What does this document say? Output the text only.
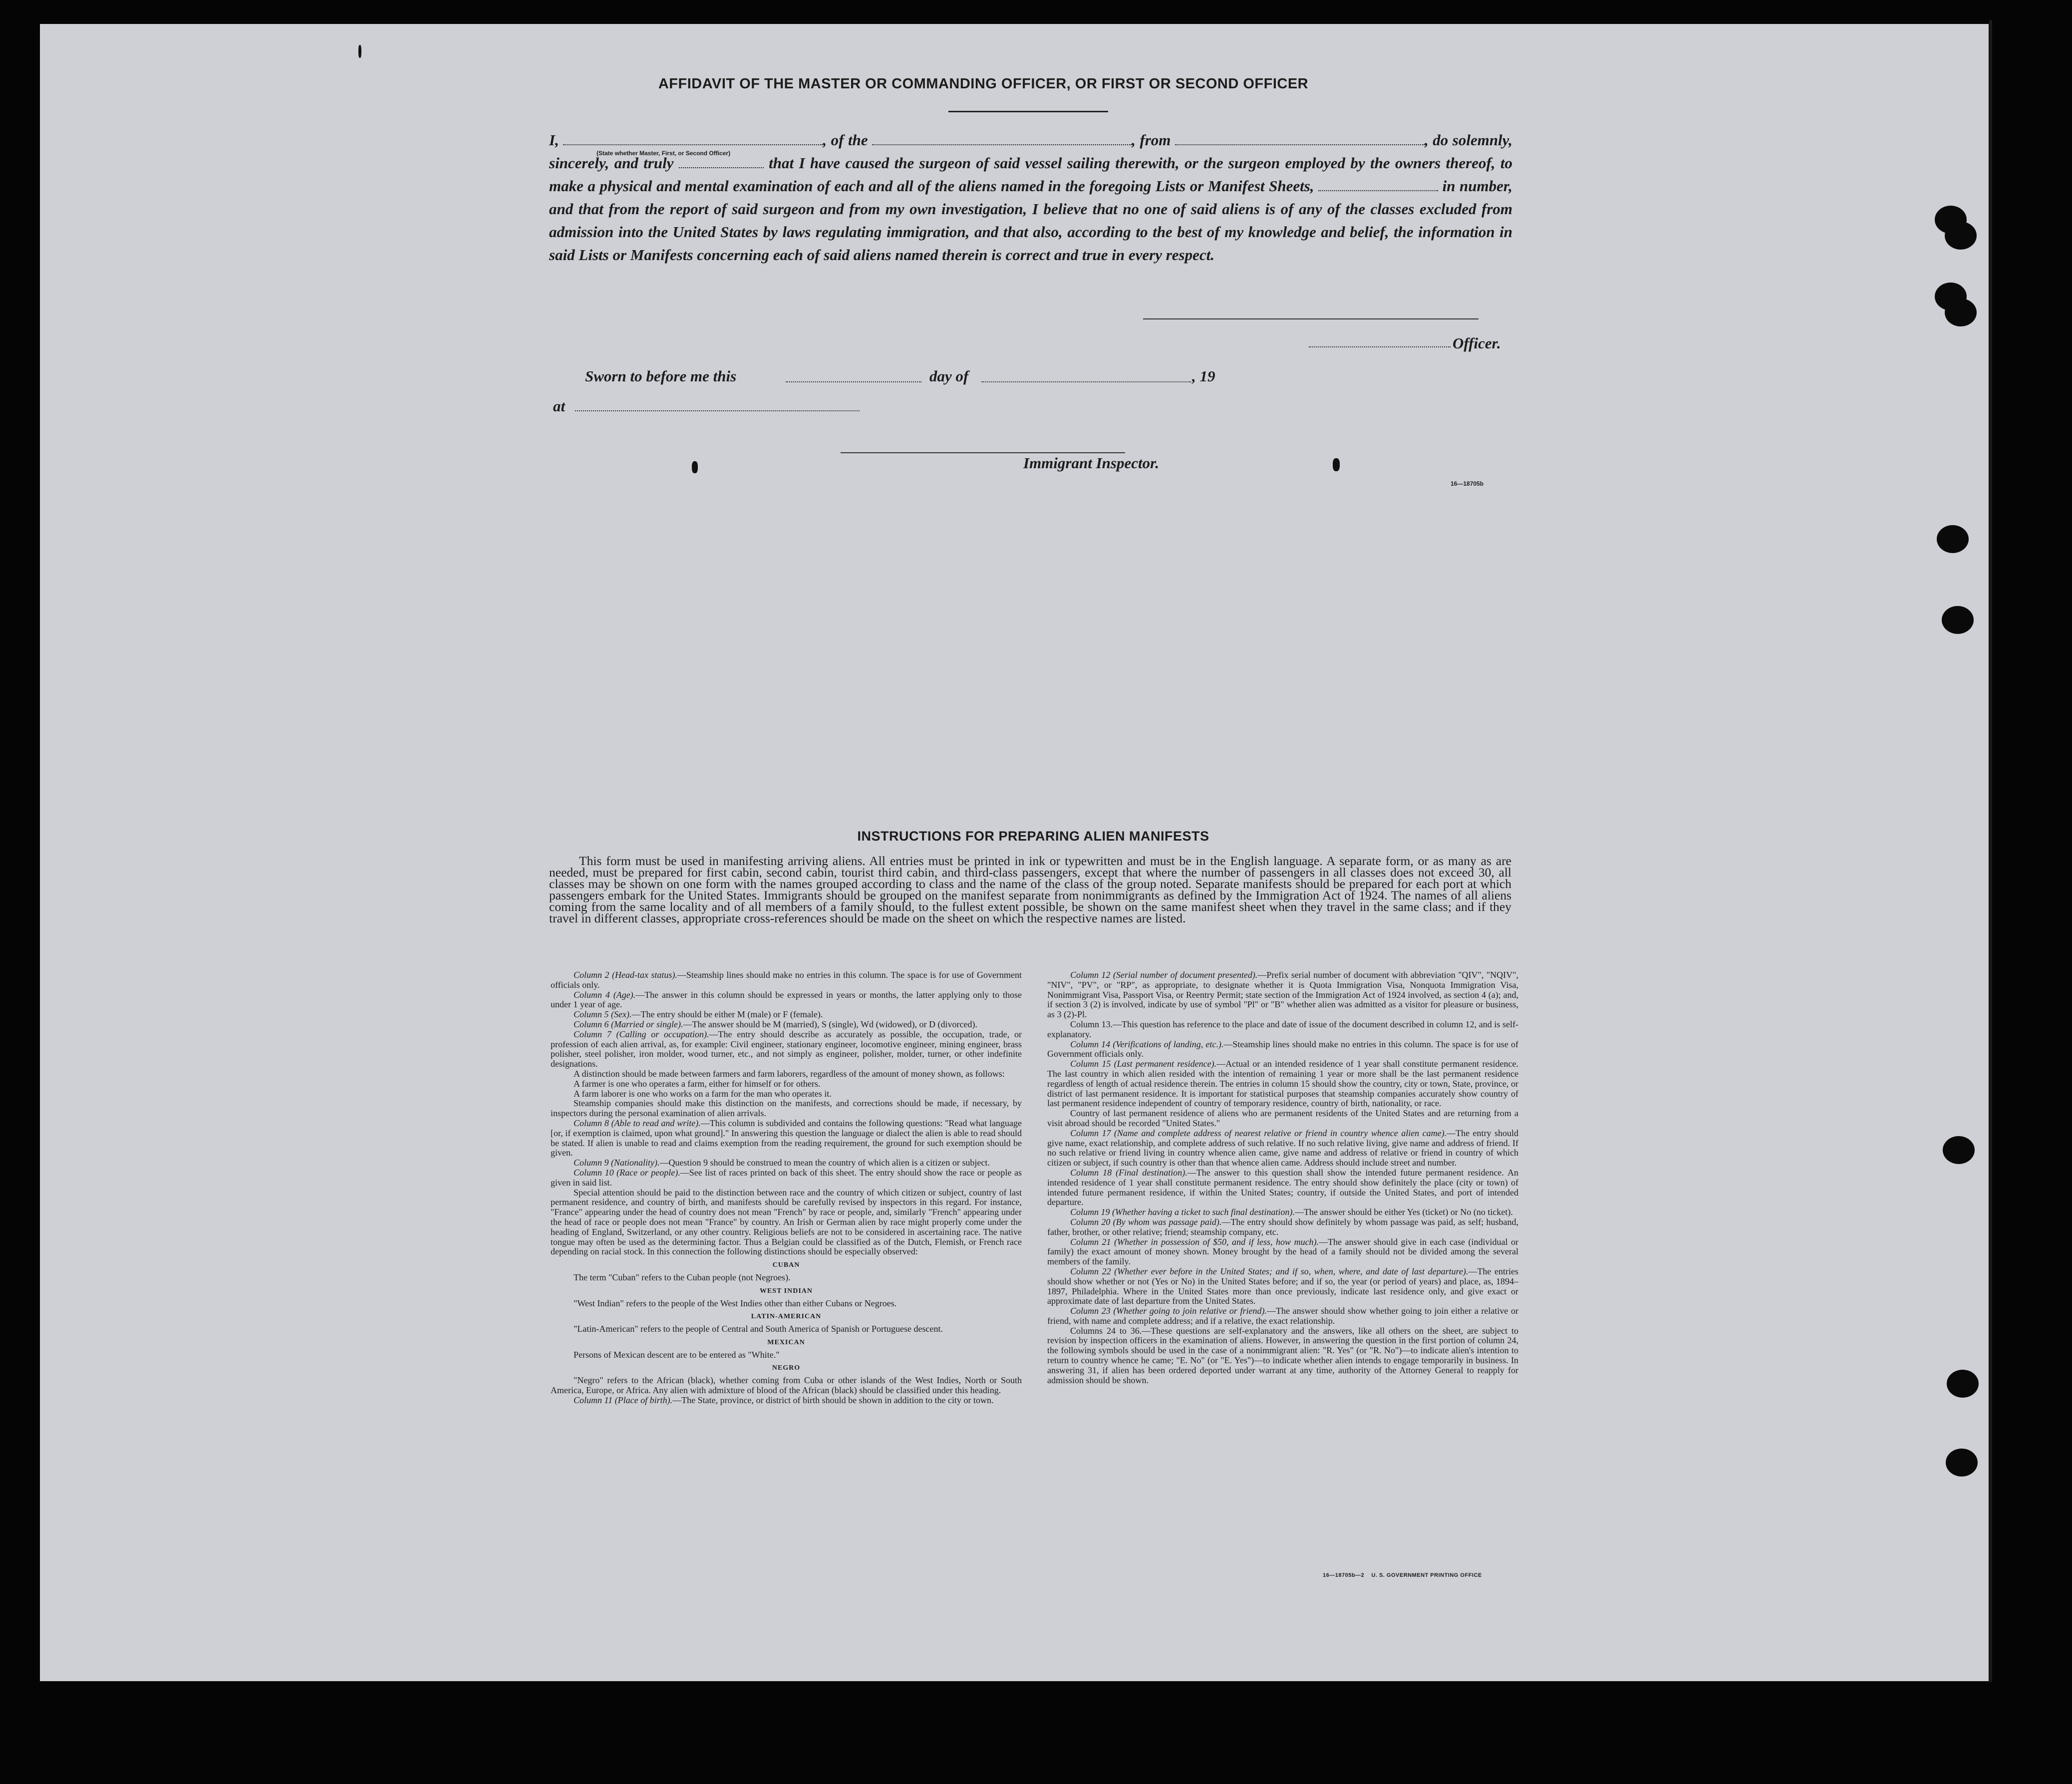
AFFIDAVIT OF THE MASTER OR COMMANDING OFFICER, OR FIRST OR SECOND OFFICER
I,	, of the	, from	, do solemnly, sincerely, and truly	that I have caused the surgeon of said vessel sailing therewith, or the surgeon employed by the owners thereof, to make a physical and mental examination of each and all of the aliens named in the foregoing Lists or Manifest Sheets,	in number, and that from the report of said surgeon and from my own investigation, I believe that no one of said aliens is of any of the classes excluded from admission into the United States by laws regulating immigration, and that also, according to the best of my knowledge and belief, the information in said Lists or Manifests concerning each of said aliens named therein is correct and true in every respect.
(State whether Master, First, or Second Officer)
Officer.
Sworn to before me this	day of	, 19
at
Immigrant Inspector.
16—18705b
INSTRUCTIONS FOR PREPARING ALIEN MANIFESTS
This form must be used in manifesting arriving aliens. All entries must be printed in ink or typewritten and must be in the English language. A separate form, or as many as are needed, must be prepared for first cabin, second cabin, tourist third cabin, and third-class passengers, except that where the number of passengers in all classes does not exceed 30, all classes may be shown on one form with the names grouped according to class and the name of the class of the group noted. Separate manifests should be prepared for each port at which passengers embark for the United States. Immigrants should be grouped on the manifest separate from nonimmigrants as defined by the Immigration Act of 1924. The names of all aliens coming from the same locality and of all members of a family should, to the fullest extent possible, be shown on the same manifest sheet when they travel in the same class; and if they travel in different classes, appropriate cross-references should be made on the sheet on which the respective names are listed.

Column 2 (Head-tax status).—Steamship lines should make no entries in this column. The space is for use of Government officials only.

Column 4 (Age).—The answer in this column should be expressed in years or months, the latter applying only to those under 1 year of age.

Column 5 (Sex).—The entry should be either M (male) or F (female).

Column 6 (Married or single).—The answer should be M (married), S (single), Wd (widowed), or D (divorced).

Column 7 (Calling or occupation).—The entry should describe as accurately as possible, the occupation, trade, or profession of each alien arrival, as, for example: Civil engineer, stationary engineer, locomotive engineer, mining engineer, brass polisher, steel polisher, iron molder, wood turner, etc., and not simply as engineer, polisher, molder, turner, or other indefinite designations.

A distinction should be made between farmers and farm laborers, regardless of the amount of money shown, as follows:

A farmer is one who operates a farm, either for himself or for others.

A farm laborer is one who works on a farm for the man who operates it.

Steamship companies should make this distinction on the manifests, and corrections should be made, if necessary, by inspectors during the personal examination of alien arrivals.

Column 8 (Able to read and write).—This column is subdivided and contains the following questions: "Read what language [or, if exemption is claimed, upon what ground]." In answering this question the language or dialect the alien is able to read should be stated. If alien is unable to read and claims exemption from the reading requirement, the ground for such exemption should be given.

Column 9 (Nationality).—Question 9 should be construed to mean the country of which alien is a citizen or subject.

Column 10 (Race or people).—See list of races printed on back of this sheet. The entry should show the race or people as given in said list.

Special attention should be paid to the distinction between race and the country of which citizen or subject, country of last permanent residence, and country of birth, and manifests should be carefully revised by inspectors in this regard. For instance, "France" appearing under the head of country does not mean "French" by race or people, and, similarly "French" appearing under the head of race or people does not mean "France" by country. An Irish or German alien by race might properly come under the heading of England, Switzerland, or any other country. Religious beliefs are not to be considered in ascertaining race. The native tongue may often be used as the determining factor. Thus a Belgian could be classified as of the Dutch, Flemish, or French race depending on racial stock. In this connection the following distinctions should be especially observed:

CUBAN

The term "Cuban" refers to the Cuban people (not Negroes).

WEST INDIAN

"West Indian" refers to the people of the West Indies other than either Cubans or Negroes.

LATIN-AMERICAN

"Latin-American" refers to the people of Central and South America of Spanish or Portuguese descent.

MEXICAN

Persons of Mexican descent are to be entered as "White."

NEGRO

"Negro" refers to the African (black), whether coming from Cuba or other islands of the West Indies, North or South America, Europe, or Africa. Any alien with admixture of blood of the African (black) should be classified under this heading.

Column 11 (Place of birth).—The State, province, or district of birth should be shown in addition to the city or town.

Column 12 (Serial number of document presented).—Prefix serial number of document with abbreviation "QIV", "NQIV", "NIV", "PV", or "RP", as appropriate, to designate whether it is Quota Immigration Visa, Nonquota Immigration Visa, Nonimmigrant Visa, Passport Visa, or Reentry Permit; state section of the Immigration Act of 1924 involved, as section 4 (a); and, if section 3 (2) is involved, indicate by use of symbol "Pl" or "B" whether alien was admitted as a visitor for pleasure or business, as 3 (2)-Pl.

Column 13.—This question has reference to the place and date of issue of the document described in column 12, and is self-explanatory.

Column 14 (Verifications of landing, etc.).—Steamship lines should make no entries in this column. The space is for use of Government officials only.

Column 15 (Last permanent residence).—Actual or an intended residence of 1 year shall constitute permanent residence. The last country in which alien resided with the intention of remaining 1 year or more shall be the last permanent residence regardless of length of actual residence therein. The entries in column 15 should show the country, city or town, State, province, or district of last permanent residence. It is important for statistical purposes that steamship companies accurately show country of last permanent residence independent of country of temporary residence, country of birth, nationality, or race.

Country of last permanent residence of aliens who are permanent residents of the United States and are returning from a visit abroad should be recorded "United States."

Column 17 (Name and complete address of nearest relative or friend in country whence alien came).—The entry should give name, exact relationship, and complete address of such relative. If no such relative living, give name and address of friend. If no such relative or friend living in country whence alien came, give name and address of relative or friend in country of which citizen or subject, if such country is other than that whence alien came. Address should include street and number.

Column 18 (Final destination).—The answer to this question shall show the intended future permanent residence. An intended residence of 1 year shall constitute permanent residence. The entry should show definitely the place (city or town) of intended future permanent residence, if within the United States; country, if outside the United States, and port of intended departure.

Column 19 (Whether having a ticket to such final destination).—The answer should be either Yes (ticket) or No (no ticket).

Column 20 (By whom was passage paid).—The entry should show definitely by whom passage was paid, as self; husband, father, brother, or other relative; friend; steamship company, etc.

Column 21 (Whether in possession of $50, and if less, how much).—The answer should give in each case (individual or family) the exact amount of money shown. Money brought by the head of a family should not be divided among the several members of the family.

Column 22 (Whether ever before in the United States; and if so, when, where, and date of last departure).—The entries should show whether or not (Yes or No) in the United States before; and if so, the year (or period of years) and place, as, 1894–1897, Philadelphia. Where in the United States more than once previously, indicate last residence only, and give exact or approximate date of last departure from the United States.

Column 23 (Whether going to join relative or friend).—The answer should show whether going to join either a relative or friend, with name and complete address; and if a relative, the exact relationship.

Columns 24 to 36.—These questions are self-explanatory and the answers, like all others on the sheet, are subject to revision by inspection officers in the examination of aliens. However, in answering the question in the first portion of column 24, the following symbols should be used in the case of a nonimmigrant alien: "R. Yes" (or "R. No")—to indicate alien's intention to return to country whence he came; "E. No" (or "E. Yes")—to indicate whether alien intends to engage temporarily in business. In answering 31, if alien has been ordered deported under warrant at any time, authority of the Attorney General to reapply for admission should be shown.

16—18705b—2 U. S. GOVERNMENT PRINTING OFFICE
